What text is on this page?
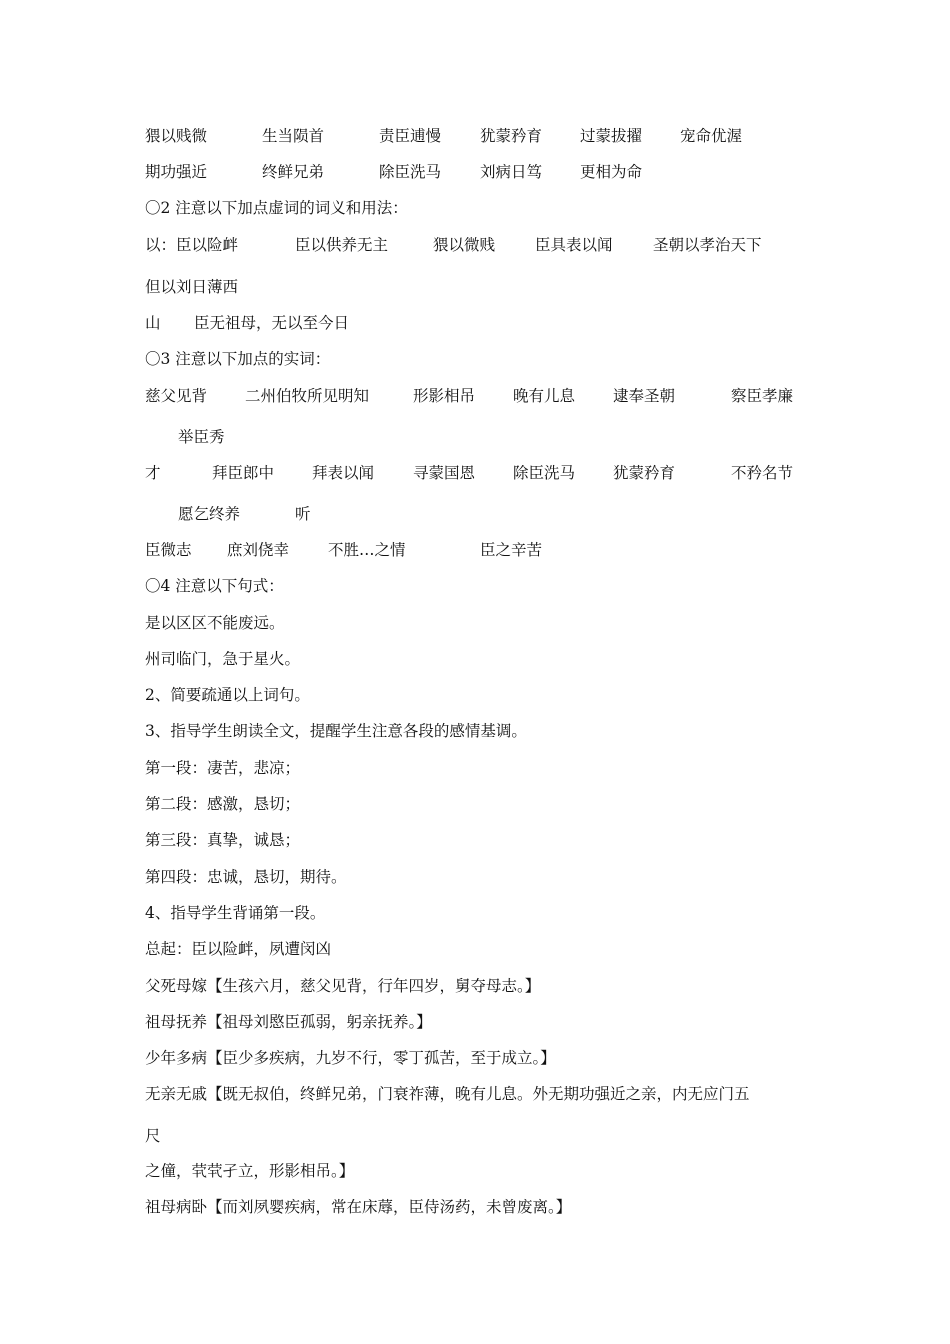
猥以贱微	生当陨首	责臣逋慢	犹蒙矜育 过蒙拔擢 宠命优渥
期功强近	终鲜兄弟	除臣洗马	刘病日笃 更相为命

〇2 注意以下加点虚词的词义和用法：

以：臣以险衅	臣以供养无主	猥以微贱	臣具表以闻	圣朝以孝治天下

但以刘日薄西

山 臣无祖母，无以至今日

〇3 注意以下加点的实词：

慈父见背 二州伯牧所见明知	形影相吊 晚有儿息 逮奉圣朝	察臣孝廉

举臣秀

才	拜臣郎中 拜表以闻	寻蒙国恩 除臣洗马 犹蒙矜育	不矜名节
愿乞终养	听
臣微志 庶刘侥幸	不胜…之情	臣之辛苦

〇4 注意以下句式：

是以区区不能废远。

州司临门，急于星火。

2、简要疏通以上词句。

3、指导学生朗读全文，提醒学生注意各段的感情基调。

第一段：凄苦，悲凉；

第二段：感激，恳切；

第三段：真挚，诚恳；

第四段：忠诚，恳切，期待。

4、指导学生背诵第一段。

总起：臣以险衅，夙遭闵凶

父死母嫁【生孩六月，慈父见背，行年四岁，舅夺母志。】

祖母抚养【祖母刘愍臣孤弱，躬亲抚养。】

少年多病【臣少多疾病，九岁不行，零丁孤苦，至于成立。】

无亲无戚【既无叔伯，终鲜兄弟，门衰祚薄，晚有儿息。外无期功强近之亲，内无应门五

尺

之僮，茕茕孑立，形影相吊。】

祖母病卧【而刘夙婴疾病，常在床蓐，臣侍汤药，未曾废离。】
